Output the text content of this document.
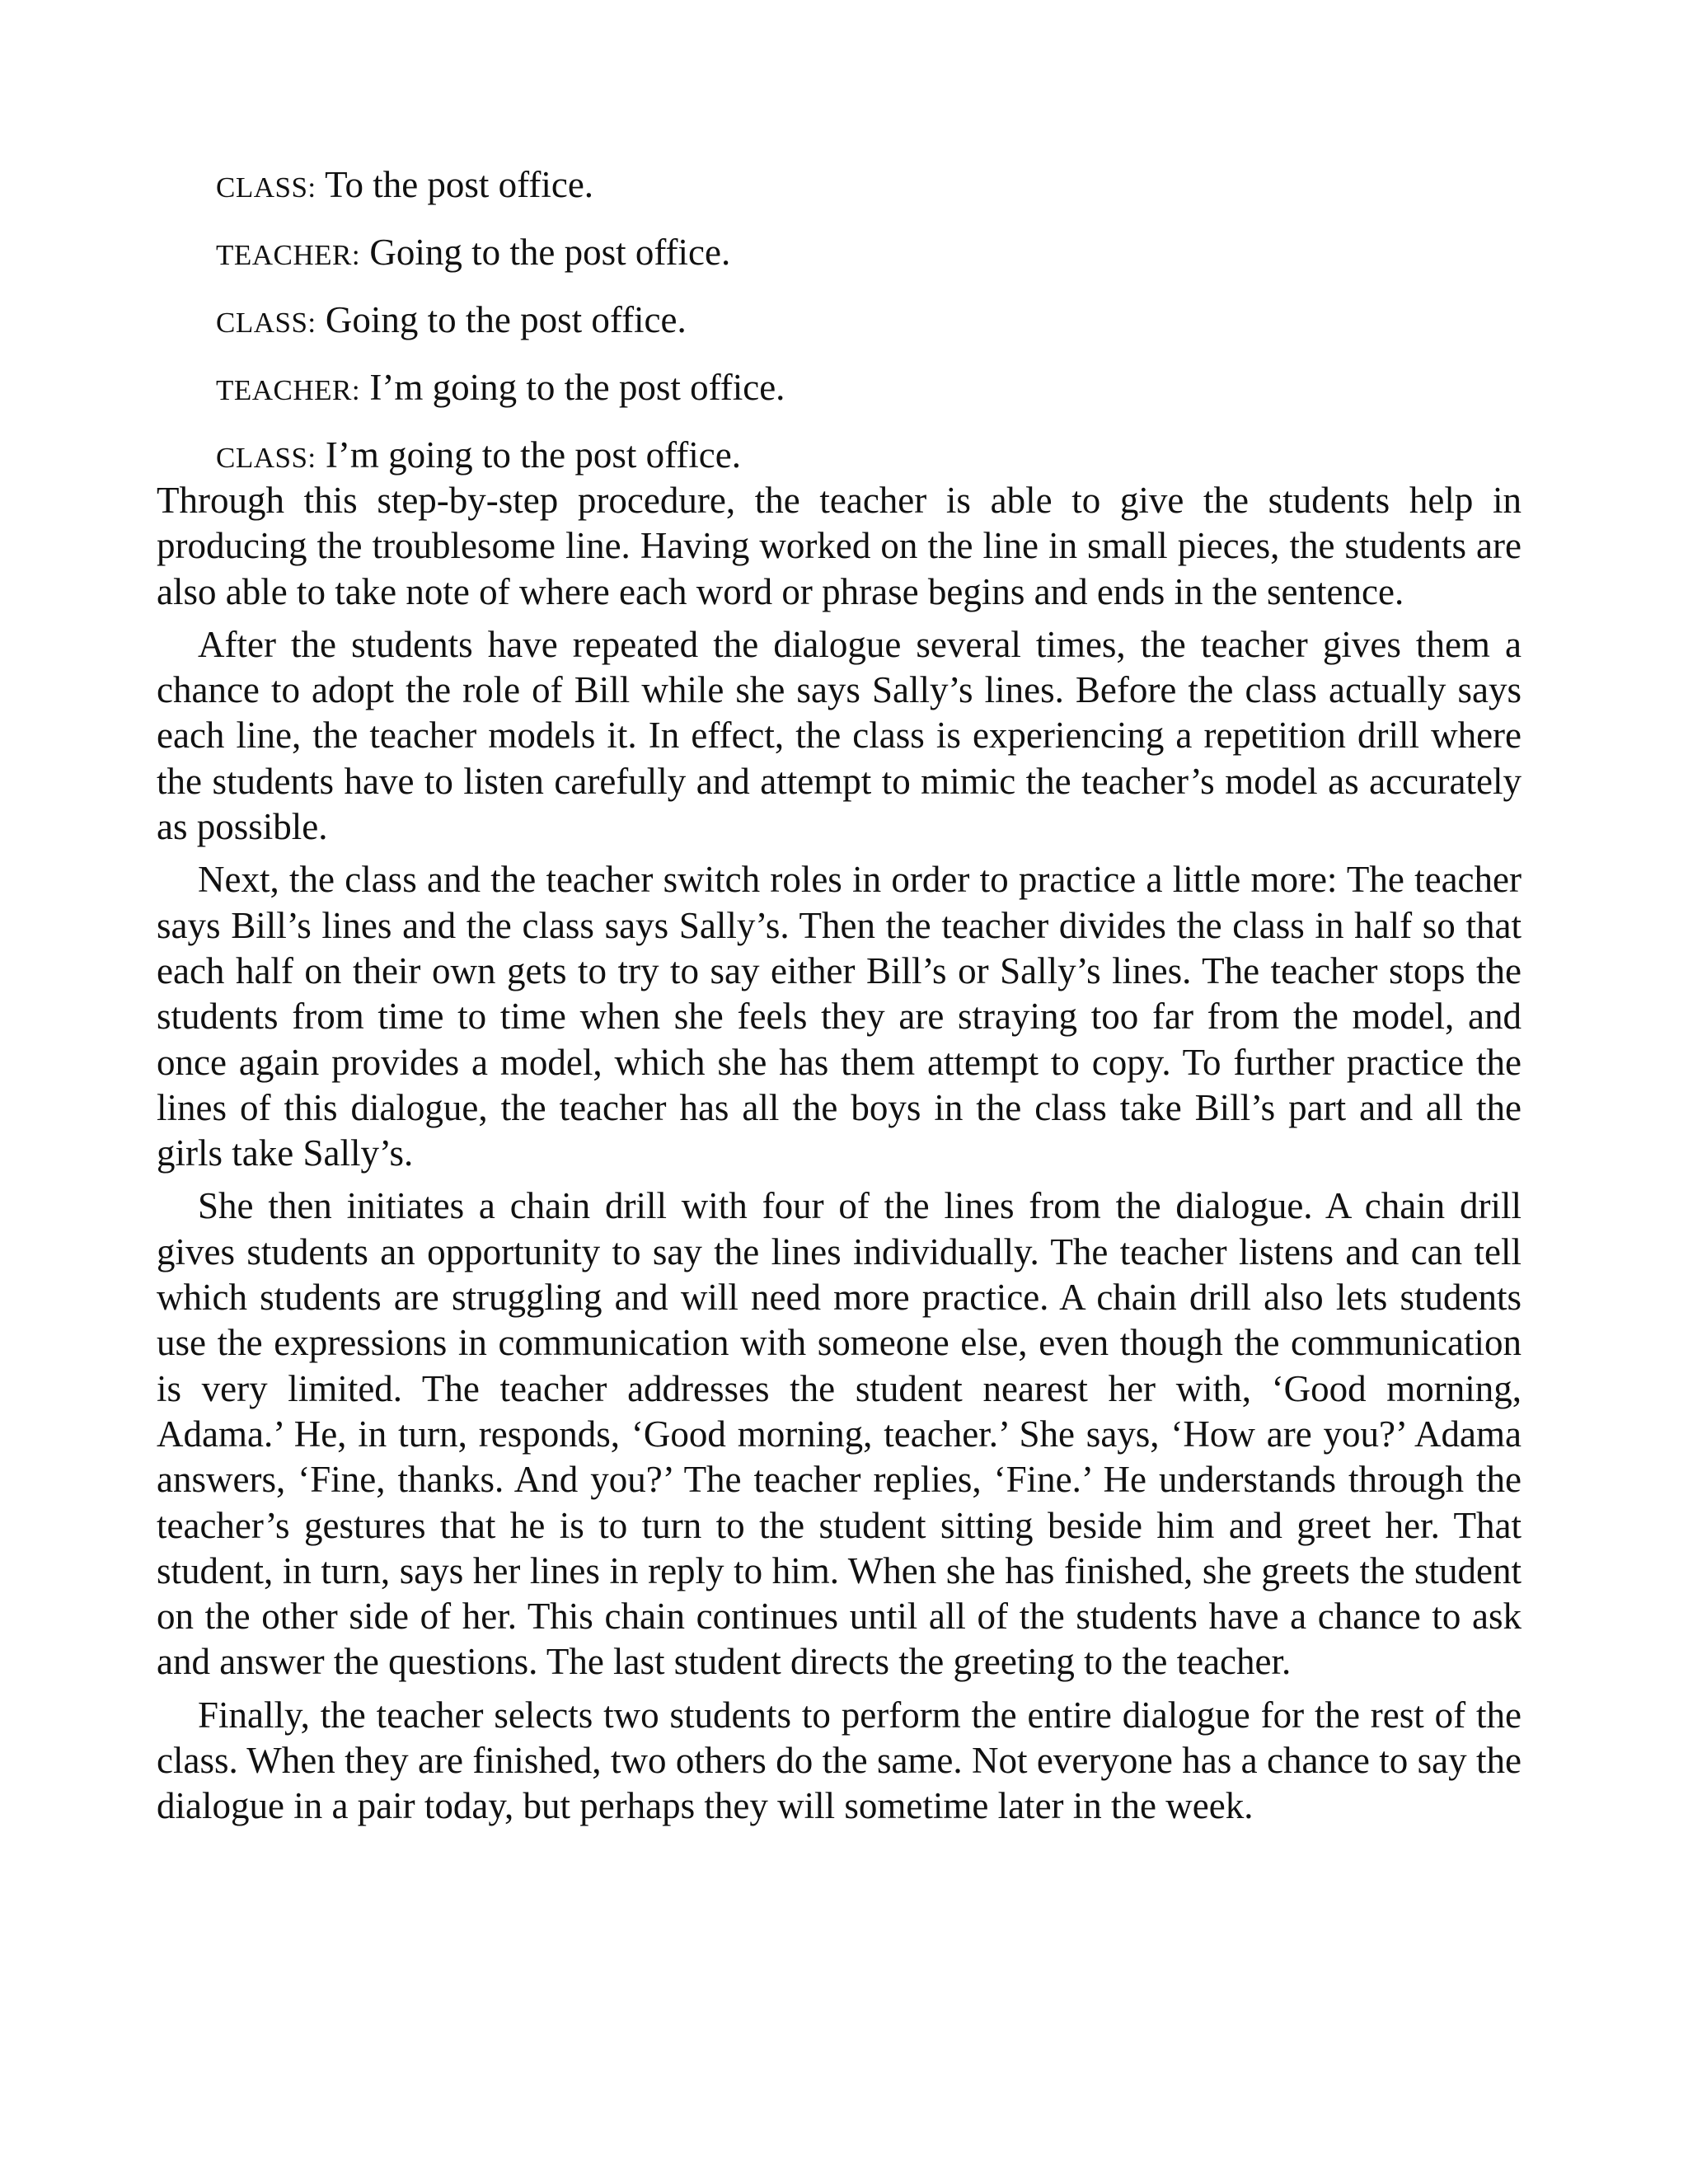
CLASS: To the post office.

TEACHER: Going to the post office.

CLASS: Going to the post office.

TEACHER: I’m going to the post office.

CLASS: I’m going to the post office.

Through this step-by-step procedure, the teacher is able to give the students help in producing the troublesome line. Having worked on the line in small pieces, the students are also able to take note of where each word or phrase begins and ends in the sentence.

After the students have repeated the dialogue several times, the teacher gives them a chance to adopt the role of Bill while she says Sally’s lines. Before the class actually says each line, the teacher models it. In effect, the class is experiencing a repetition drill where the students have to listen carefully and attempt to mimic the teacher’s model as accurately as possible.

Next, the class and the teacher switch roles in order to practice a little more: The teacher says Bill’s lines and the class says Sally’s. Then the teacher divides the class in half so that each half on their own gets to try to say either Bill’s or Sally’s lines. The teacher stops the students from time to time when she feels they are straying too far from the model, and once again provides a model, which she has them attempt to copy. To further practice the lines of this dialogue, the teacher has all the boys in the class take Bill’s part and all the girls take Sally’s.

She then initiates a chain drill with four of the lines from the dialogue. A chain drill gives students an opportunity to say the lines individually. The teacher listens and can tell which students are struggling and will need more practice. A chain drill also lets students use the expressions in communication with someone else, even though the communication is very limited. The teacher addresses the student nearest her with, ‘Good morning, Adama.’ He, in turn, responds, ‘Good morning, teacher.’ She says, ‘How are you?’ Adama answers, ‘Fine, thanks. And you?’ The teacher replies, ‘Fine.’ He understands through the teacher’s gestures that he is to turn to the student sitting beside him and greet her. That student, in turn, says her lines in reply to him. When she has finished, she greets the student on the other side of her. This chain continues until all of the students have a chance to ask and answer the questions. The last student directs the greeting to the teacher.

Finally, the teacher selects two students to perform the entire dialogue for the rest of the class. When they are finished, two others do the same. Not everyone has a chance to say the dialogue in a pair today, but perhaps they will sometime later in the week.
